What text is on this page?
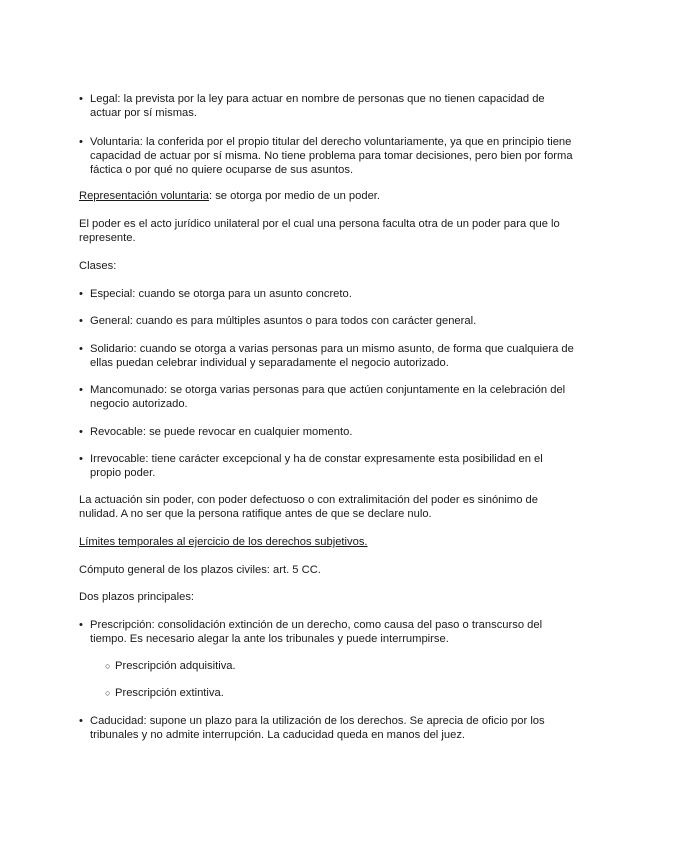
• Legal: la prevista por la ley para actuar en nombre de personas que no tienen capacidad de
actuar por sí mismas.
• Voluntaria: la conferida por el propio titular del derecho voluntariamente, ya que en principio tiene
capacidad de actuar por sí misma. No tiene problema para tomar decisiones, pero bien por forma
fáctica o por qué no quiere ocuparse de sus asuntos.
Representación voluntaria: se otorga por medio de un poder.
El poder es el acto jurídico unilateral por el cual una persona faculta otra de un poder para que lo
represente.
Clases:
• Especial: cuando se otorga para un asunto concreto.
• General: cuando es para múltiples asuntos o para todos con carácter general.
• Solidario: cuando se otorga a varias personas para un mismo asunto, de forma que cualquiera de
ellas puedan celebrar individual y separadamente el negocio autorizado.
• Mancomunado: se otorga varias personas para que actúen conjuntamente en la celebración del
negocio autorizado.
• Revocable: se puede revocar en cualquier momento.
• Irrevocable: tiene carácter excepcional y ha de constar expresamente esta posibilidad en el
propio poder.
La actuación sin poder, con poder defectuoso o con extralimitación del poder es sinónimo de
nulidad. A no ser que la persona ratifique antes de que se declare nulo.
Límites temporales al ejercicio de los derechos subjetivos.
Cómputo general de los plazos civiles: art. 5 CC.
Dos plazos principales:
• Prescripción: consolidación extinción de un derecho, como causa del paso o transcurso del
tiempo. Es necesario alegar la ante los tribunales y puede interrumpirse.
○ Prescripción adquisitiva.
○ Prescripción extintiva.
• Caducidad: supone un plazo para la utilización de los derechos. Se aprecia de oficio por los
tribunales y no admite interrupción. La caducidad queda en manos del juez.
